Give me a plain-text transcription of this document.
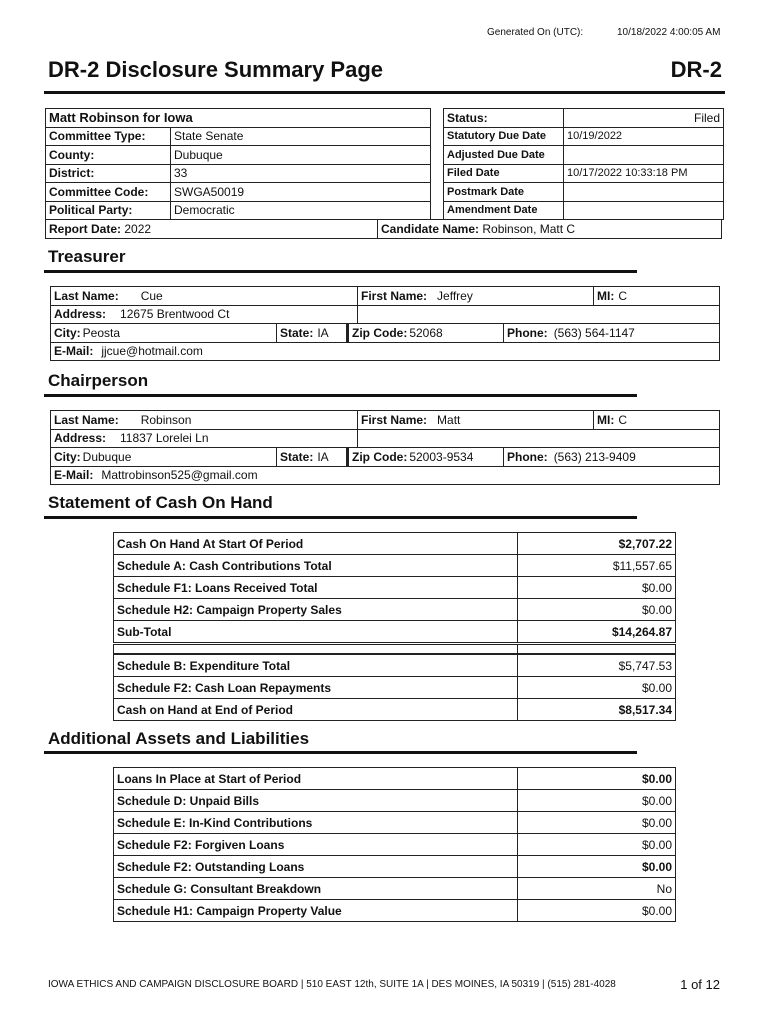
Generated On (UTC):	10/18/2022 4:00:05 AM
DR-2 Disclosure Summary Page	DR-2
Matt Robinson for Iowa	
Committee Type:	State Senate
County:	Dubuque
District:	33
Committee Code:	SWGA50019
Political Party:	Democratic
Status:	Filed
Statutory Due Date	10/19/2022
Adjusted Due Date	
Filed Date	10/17/2022 10:33:18 PM
Postmark Date	
Amendment Date	
Report Date: 2022	Candidate Name: Robinson, Matt C
Treasurer
Last Name: Cue			First Name: Jeffrey		MI: C
Address: 12675 Brentwood Ct					
City: Peosta	State: IA	Zip Code: 52068		Phone: (563) 564-1147	
E-Mail: jjcue@hotmail.com					
Chairperson
Last Name: Robinson			First Name: Matt		MI: C
Address: 11837 Lorelei Ln					
City: Dubuque	State: IA	Zip Code: 52003-9534		Phone: (563) 213-9409	
E-Mail: Mattrobinson525@gmail.com					
Statement of Cash On Hand
Cash On Hand At Start Of Period	$2,707.22
Schedule A: Cash Contributions Total	$11,557.65
Schedule F1: Loans Received Total	$0.00
Schedule H2: Campaign Property Sales	$0.00
Sub-Total	$14,264.87

Schedule B: Expenditure Total	$5,747.53
Schedule F2: Cash Loan Repayments	$0.00
Cash on Hand at End of Period	$8,517.34
Additional Assets and Liabilities
Loans In Place at Start of Period	$0.00
Schedule D: Unpaid Bills	$0.00
Schedule E: In-Kind Contributions	$0.00
Schedule F2: Forgiven Loans	$0.00
Schedule F2: Outstanding Loans	$0.00
Schedule G: Consultant Breakdown	No
Schedule H1: Campaign Property Value	$0.00
IOWA ETHICS AND CAMPAIGN DISCLOSURE BOARD | 510 EAST 12th, SUITE 1A | DES MOINES, IA 50319 | (515) 281-4028	1 of 12
